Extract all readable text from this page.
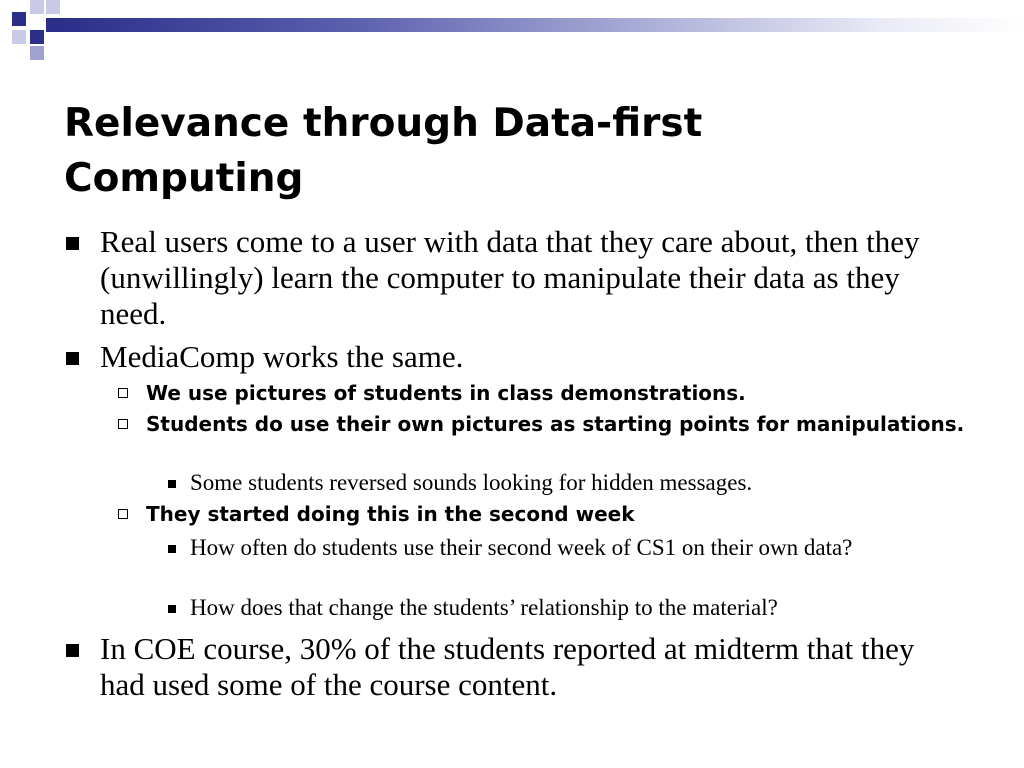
Relevance through Data-first
Computing
Real users come to a user with data that they care about, then they (unwillingly) learn the computer to manipulate their data as they need.
MediaComp works the same.
We use pictures of students in class demonstrations.
Students do use their own pictures as starting points for manipulations.
Some students reversed sounds looking for hidden messages.
They started doing this in the second week
How often do students use their second week of CS1 on their own data?
How does that change the students’ relationship to the material?
In COE course, 30% of the students reported at midterm that they had used some of the course content.
